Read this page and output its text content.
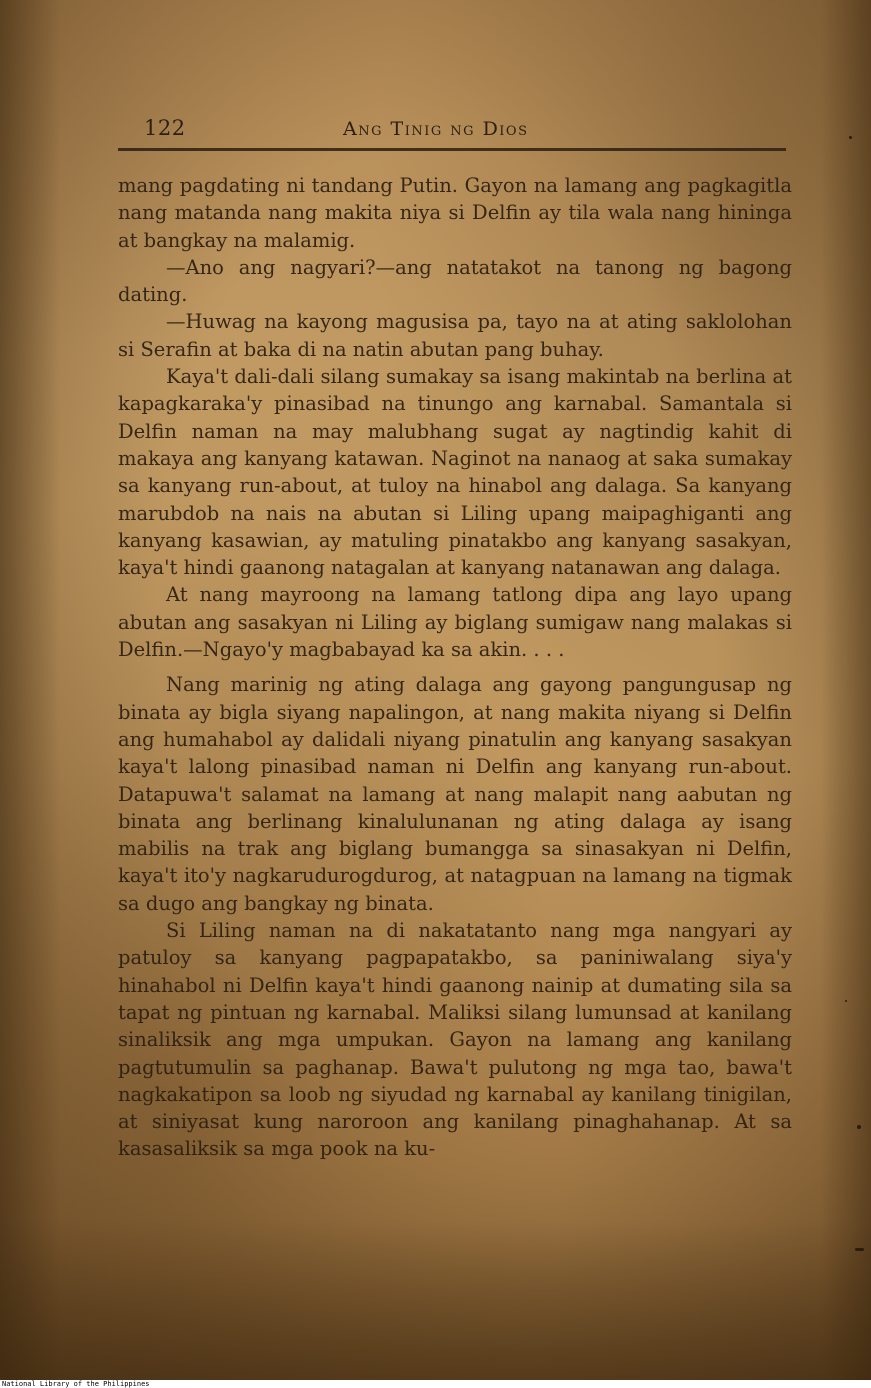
122	Ang Tinig ng Dios

mang pagdating ni tandang Putin. Gayon na lamang ang pagkagitla nang matanda nang makita niya si Delfin ay tila wala nang hininga at bangkay na malamig.

—Ano ang nagyari?—ang natatakot na tanong ng bagong dating.

—Huwag na kayong magusisa pa, tayo na at ating saklolohan si Serafin at baka di na natin abutan pang buhay.

Kaya't dali-dali silang sumakay sa isang makintab na berlina at kapagkaraka'y pinasibad na tinungo ang karnabal. Samantala si Delfin naman na may malubhang sugat ay nagtindig kahit di makaya ang kanyang katawan. Naginot na nanaog at saka sumakay sa kanyang run-about, at tuloy na hinabol ang dalaga. Sa kanyang marubdob na nais na abutan si Liling upang maipaghiganti ang kanyang kasawian, ay matuling pinatakbo ang kanyang sasakyan, kaya't hindi gaanong natagalan at kanyang natanawan ang dalaga.

At nang mayroong na lamang tatlong dipa ang layo upang abutan ang sasakyan ni Liling ay biglang sumigaw nang malakas si Delfin.—Ngayo'y magbabayad ka sa akin. . . .

Nang marinig ng ating dalaga ang gayong pangungusap ng binata ay bigla siyang napalingon, at nang makita niyang si Delfin ang humahabol ay dalidali niyang pinatulin ang kanyang sasakyan kaya't lalong pinasibad naman ni Delfin ang kanyang run-about. Datapuwa't salamat na lamang at nang malapit nang aabutan ng binata ang berlinang kinalulunanan ng ating dalaga ay isang mabilis na trak ang biglang bumangga sa sinasakyan ni Delfin, kaya't ito'y nagkarudurogdurog, at natagpuan na lamang na tigmak sa dugo ang bangkay ng binata.

Si Liling naman na di nakatatanto nang mga nangyari ay patuloy sa kanyang pagpapatakbo, sa paniniwalang siya'y hinahabol ni Delfin kaya't hindi gaanong nainip at dumating sila sa tapat ng pintuan ng karnabal. Maliksi silang lumunsad at kanilang sinaliksik ang mga umpukan. Gayon na lamang ang kanilang pagtutumulin sa paghanap. Bawa't pulutong ng mga tao, bawa't nagkakatipon sa loob ng siyudad ng karnabal ay kanilang tinigilan, at siniyasat kung naroroon ang kanilang pinaghahanap. At sa kasasaliksik sa mga pook na ku-

National Library of the Philippines
